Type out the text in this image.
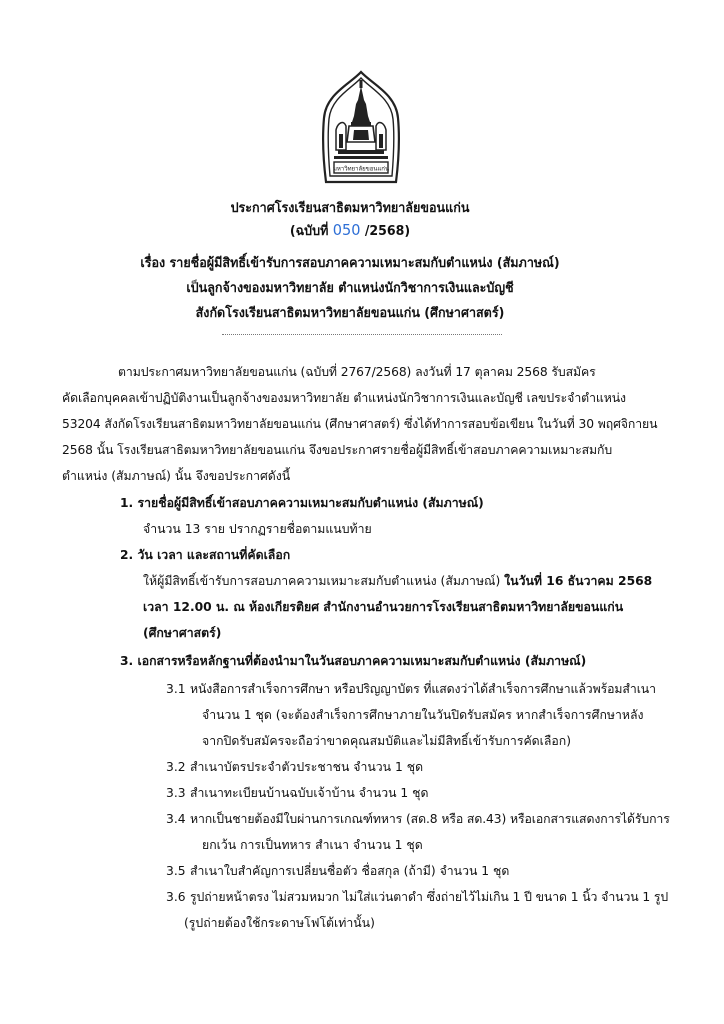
มหาวิทยาลัยขอนแก่น
ประกาศโรงเรียนสาธิตมหาวิทยาลัยขอนแก่น
(ฉบับที่ 050 /2568)
เรื่อง รายชื่อผู้มีสิทธิ์เข้ารับการสอบภาคความเหมาะสมกับตำแหน่ง (สัมภาษณ์)
เป็นลูกจ้างของมหาวิทยาลัย ตำแหน่งนักวิชาการเงินและบัญชี
สังกัดโรงเรียนสาธิตมหาวิทยาลัยขอนแก่น (ศึกษาศาสตร์)
ตามประกาศมหาวิทยาลัยขอนแก่น (ฉบับที่ 2767/2568) ลงวันที่ 17 ตุลาคม 2568 รับสมัคร
คัดเลือกบุคคลเข้าปฏิบัติงานเป็นลูกจ้างของมหาวิทยาลัย ตำแหน่งนักวิชาการเงินและบัญชี เลขประจำตำแหน่ง
53204 สังกัดโรงเรียนสาธิตมหาวิทยาลัยขอนแก่น (ศึกษาศาสตร์) ซึ่งได้ทำการสอบข้อเขียน ในวันที่ 30 พฤศจิกายน
2568 นั้น โรงเรียนสาธิตมหาวิทยาลัยขอนแก่น จึงขอประกาศรายชื่อผู้มีสิทธิ์เข้าสอบภาคความเหมาะสมกับ
ตำแหน่ง (สัมภาษณ์) นั้น จึงขอประกาศดังนี้
1. รายชื่อผู้มีสิทธิ์เข้าสอบภาคความเหมาะสมกับตำแหน่ง (สัมภาษณ์)
จำนวน 13 ราย ปรากฏรายชื่อตามแนบท้าย
2. วัน เวลา และสถานที่คัดเลือก
ให้ผู้มีสิทธิ์เข้ารับการสอบภาคความเหมาะสมกับตำแหน่ง (สัมภาษณ์) ในวันที่ 16 ธันวาคม 2568
เวลา 12.00 น. ณ ห้องเกียรติยศ สำนักงานอำนวยการโรงเรียนสาธิตมหาวิทยาลัยขอนแก่น
(ศึกษาศาสตร์)
3. เอกสารหรือหลักฐานที่ต้องนำมาในวันสอบภาคความเหมาะสมกับตำแหน่ง (สัมภาษณ์)
3.1 หนังสือการสำเร็จการศึกษา หรือปริญญาบัตร ที่แสดงว่าได้สำเร็จการศึกษาแล้วพร้อมสำเนา
จำนวน 1 ชุด (จะต้องสำเร็จการศึกษาภายในวันปิดรับสมัคร หากสำเร็จการศึกษาหลัง
จากปิดรับสมัครจะถือว่าขาดคุณสมบัติและไม่มีสิทธิ์เข้ารับการคัดเลือก)
3.2 สำเนาบัตรประจำตัวประชาชน จำนวน 1 ชุด
3.3 สำเนาทะเบียนบ้านฉบับเจ้าบ้าน จำนวน 1 ชุด
3.4 หากเป็นชายต้องมีใบผ่านการเกณฑ์ทหาร (สด.8 หรือ สด.43) หรือเอกสารแสดงการได้รับการ
ยกเว้น การเป็นทหาร สำเนา จำนวน 1 ชุด
3.5 สำเนาใบสำคัญการเปลี่ยนชื่อตัว ชื่อสกุล (ถ้ามี) จำนวน 1 ชุด
3.6 รูปถ่ายหน้าตรง ไม่สวมหมวก ไม่ใส่แว่นตาดำ ซึ่งถ่ายไว้ไม่เกิน 1 ปี ขนาด 1 นิ้ว จำนวน 1 รูป
(รูปถ่ายต้องใช้กระดาษโฟโต้เท่านั้น)
